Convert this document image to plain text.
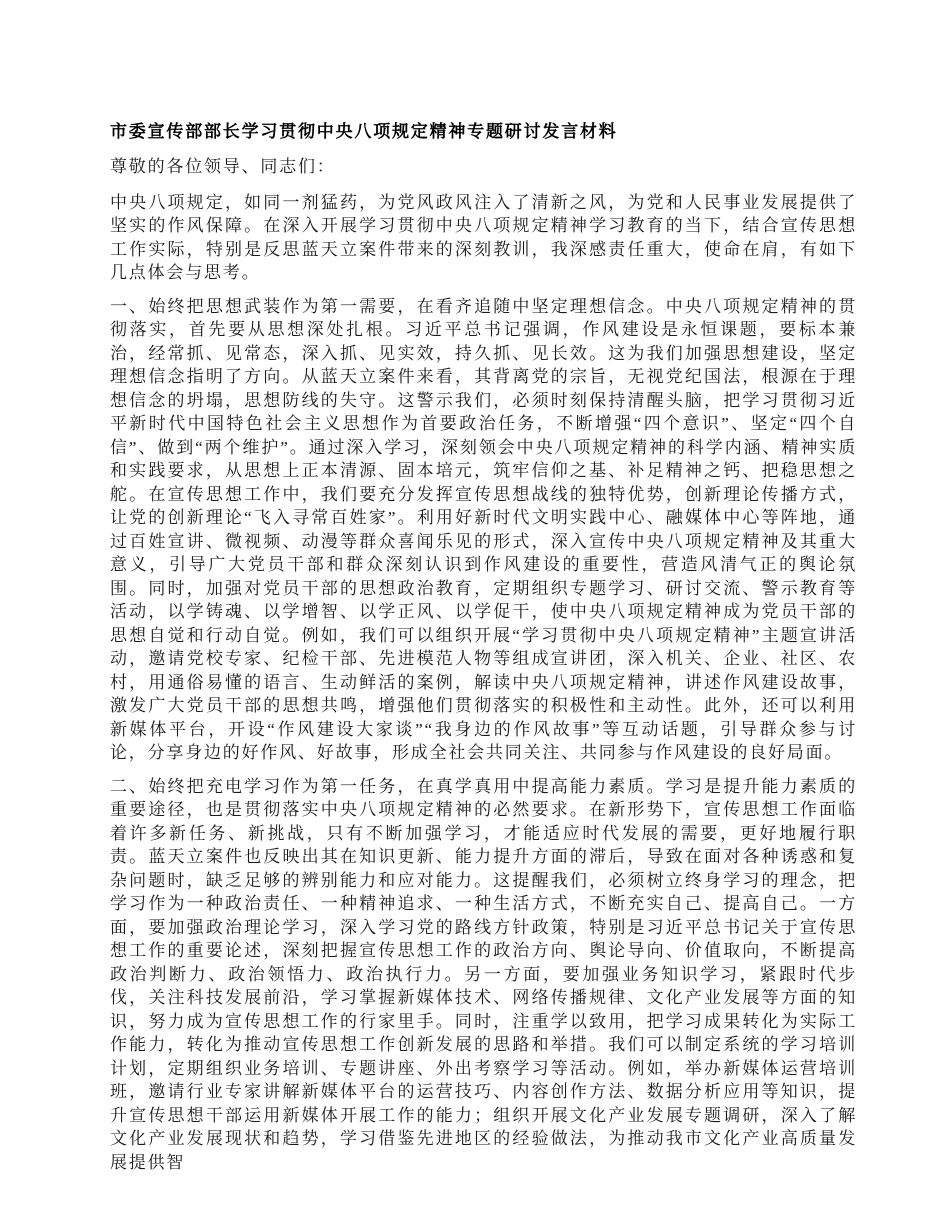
市委宣传部部长学习贯彻中央八项规定精神专题研讨发言材料

尊敬的各位领导、同志们：

中央八项规定，如同一剂猛药，为党风政风注入了清新之风，为党和人民事业发展提供了坚实的作风保障。在深入开展学习贯彻中央八项规定精神学习教育的当下，结合宣传思想工作实际，特别是反思蓝天立案件带来的深刻教训，我深感责任重大，使命在肩，有如下几点体会与思考。

一、始终把思想武装作为第一需要，在看齐追随中坚定理想信念。中央八项规定精神的贯彻落实，首先要从思想深处扎根。习近平总书记强调，作风建设是永恒课题，要标本兼治，经常抓、见常态，深入抓、见实效，持久抓、见长效。这为我们加强思想建设，坚定理想信念指明了方向。从蓝天立案件来看，其背离党的宗旨，无视党纪国法，根源在于理想信念的坍塌，思想防线的失守。这警示我们，必须时刻保持清醒头脑，把学习贯彻习近平新时代中国特色社会主义思想作为首要政治任务，不断增强“四个意识”、坚定“四个自信”、做到“两个维护”。通过深入学习，深刻领会中央八项规定精神的科学内涵、精神实质和实践要求，从思想上正本清源、固本培元，筑牢信仰之基、补足精神之钙、把稳思想之舵。在宣传思想工作中，我们要充分发挥宣传思想战线的独特优势，创新理论传播方式，让党的创新理论“飞入寻常百姓家”。利用好新时代文明实践中心、融媒体中心等阵地，通过百姓宣讲、微视频、动漫等群众喜闻乐见的形式，深入宣传中央八项规定精神及其重大意义，引导广大党员干部和群众深刻认识到作风建设的重要性，营造风清气正的舆论氛围。同时，加强对党员干部的思想政治教育，定期组织专题学习、研讨交流、警示教育等活动，以学铸魂、以学增智、以学正风、以学促干，使中央八项规定精神成为党员干部的思想自觉和行动自觉。例如，我们可以组织开展“学习贯彻中央八项规定精神”主题宣讲活动，邀请党校专家、纪检干部、先进模范人物等组成宣讲团，深入机关、企业、社区、农村，用通俗易懂的语言、生动鲜活的案例，解读中央八项规定精神，讲述作风建设故事，激发广大党员干部的思想共鸣，增强他们贯彻落实的积极性和主动性。此外，还可以利用新媒体平台，开设“作风建设大家谈”“我身边的作风故事”等互动话题，引导群众参与讨论，分享身边的好作风、好故事，形成全社会共同关注、共同参与作风建设的良好局面。

二、始终把充电学习作为第一任务，在真学真用中提高能力素质。学习是提升能力素质的重要途径，也是贯彻落实中央八项规定精神的必然要求。在新形势下，宣传思想工作面临着许多新任务、新挑战，只有不断加强学习，才能适应时代发展的需要，更好地履行职责。蓝天立案件也反映出其在知识更新、能力提升方面的滞后，导致在面对各种诱惑和复杂问题时，缺乏足够的辨别能力和应对能力。这提醒我们，必须树立终身学习的理念，把学习作为一种政治责任、一种精神追求、一种生活方式，不断充实自己、提高自己。一方面，要加强政治理论学习，深入学习党的路线方针政策，特别是习近平总书记关于宣传思想工作的重要论述，深刻把握宣传思想工作的政治方向、舆论导向、价值取向，不断提高政治判断力、政治领悟力、政治执行力。另一方面，要加强业务知识学习，紧跟时代步伐，关注科技发展前沿，学习掌握新媒体技术、网络传播规律、文化产业发展等方面的知识，努力成为宣传思想工作的行家里手。同时，注重学以致用，把学习成果转化为实际工作能力，转化为推动宣传思想工作创新发展的思路和举措。我们可以制定系统的学习培训计划，定期组织业务培训、专题讲座、外出考察学习等活动。例如，举办新媒体运营培训班，邀请行业专家讲解新媒体平台的运营技巧、内容创作方法、数据分析应用等知识，提升宣传思想干部运用新媒体开展工作的能力；组织开展文化产业发展专题调研，深入了解文化产业发展现状和趋势，学习借鉴先进地区的经验做法，为推动我市文化产业高质量发展提供智
